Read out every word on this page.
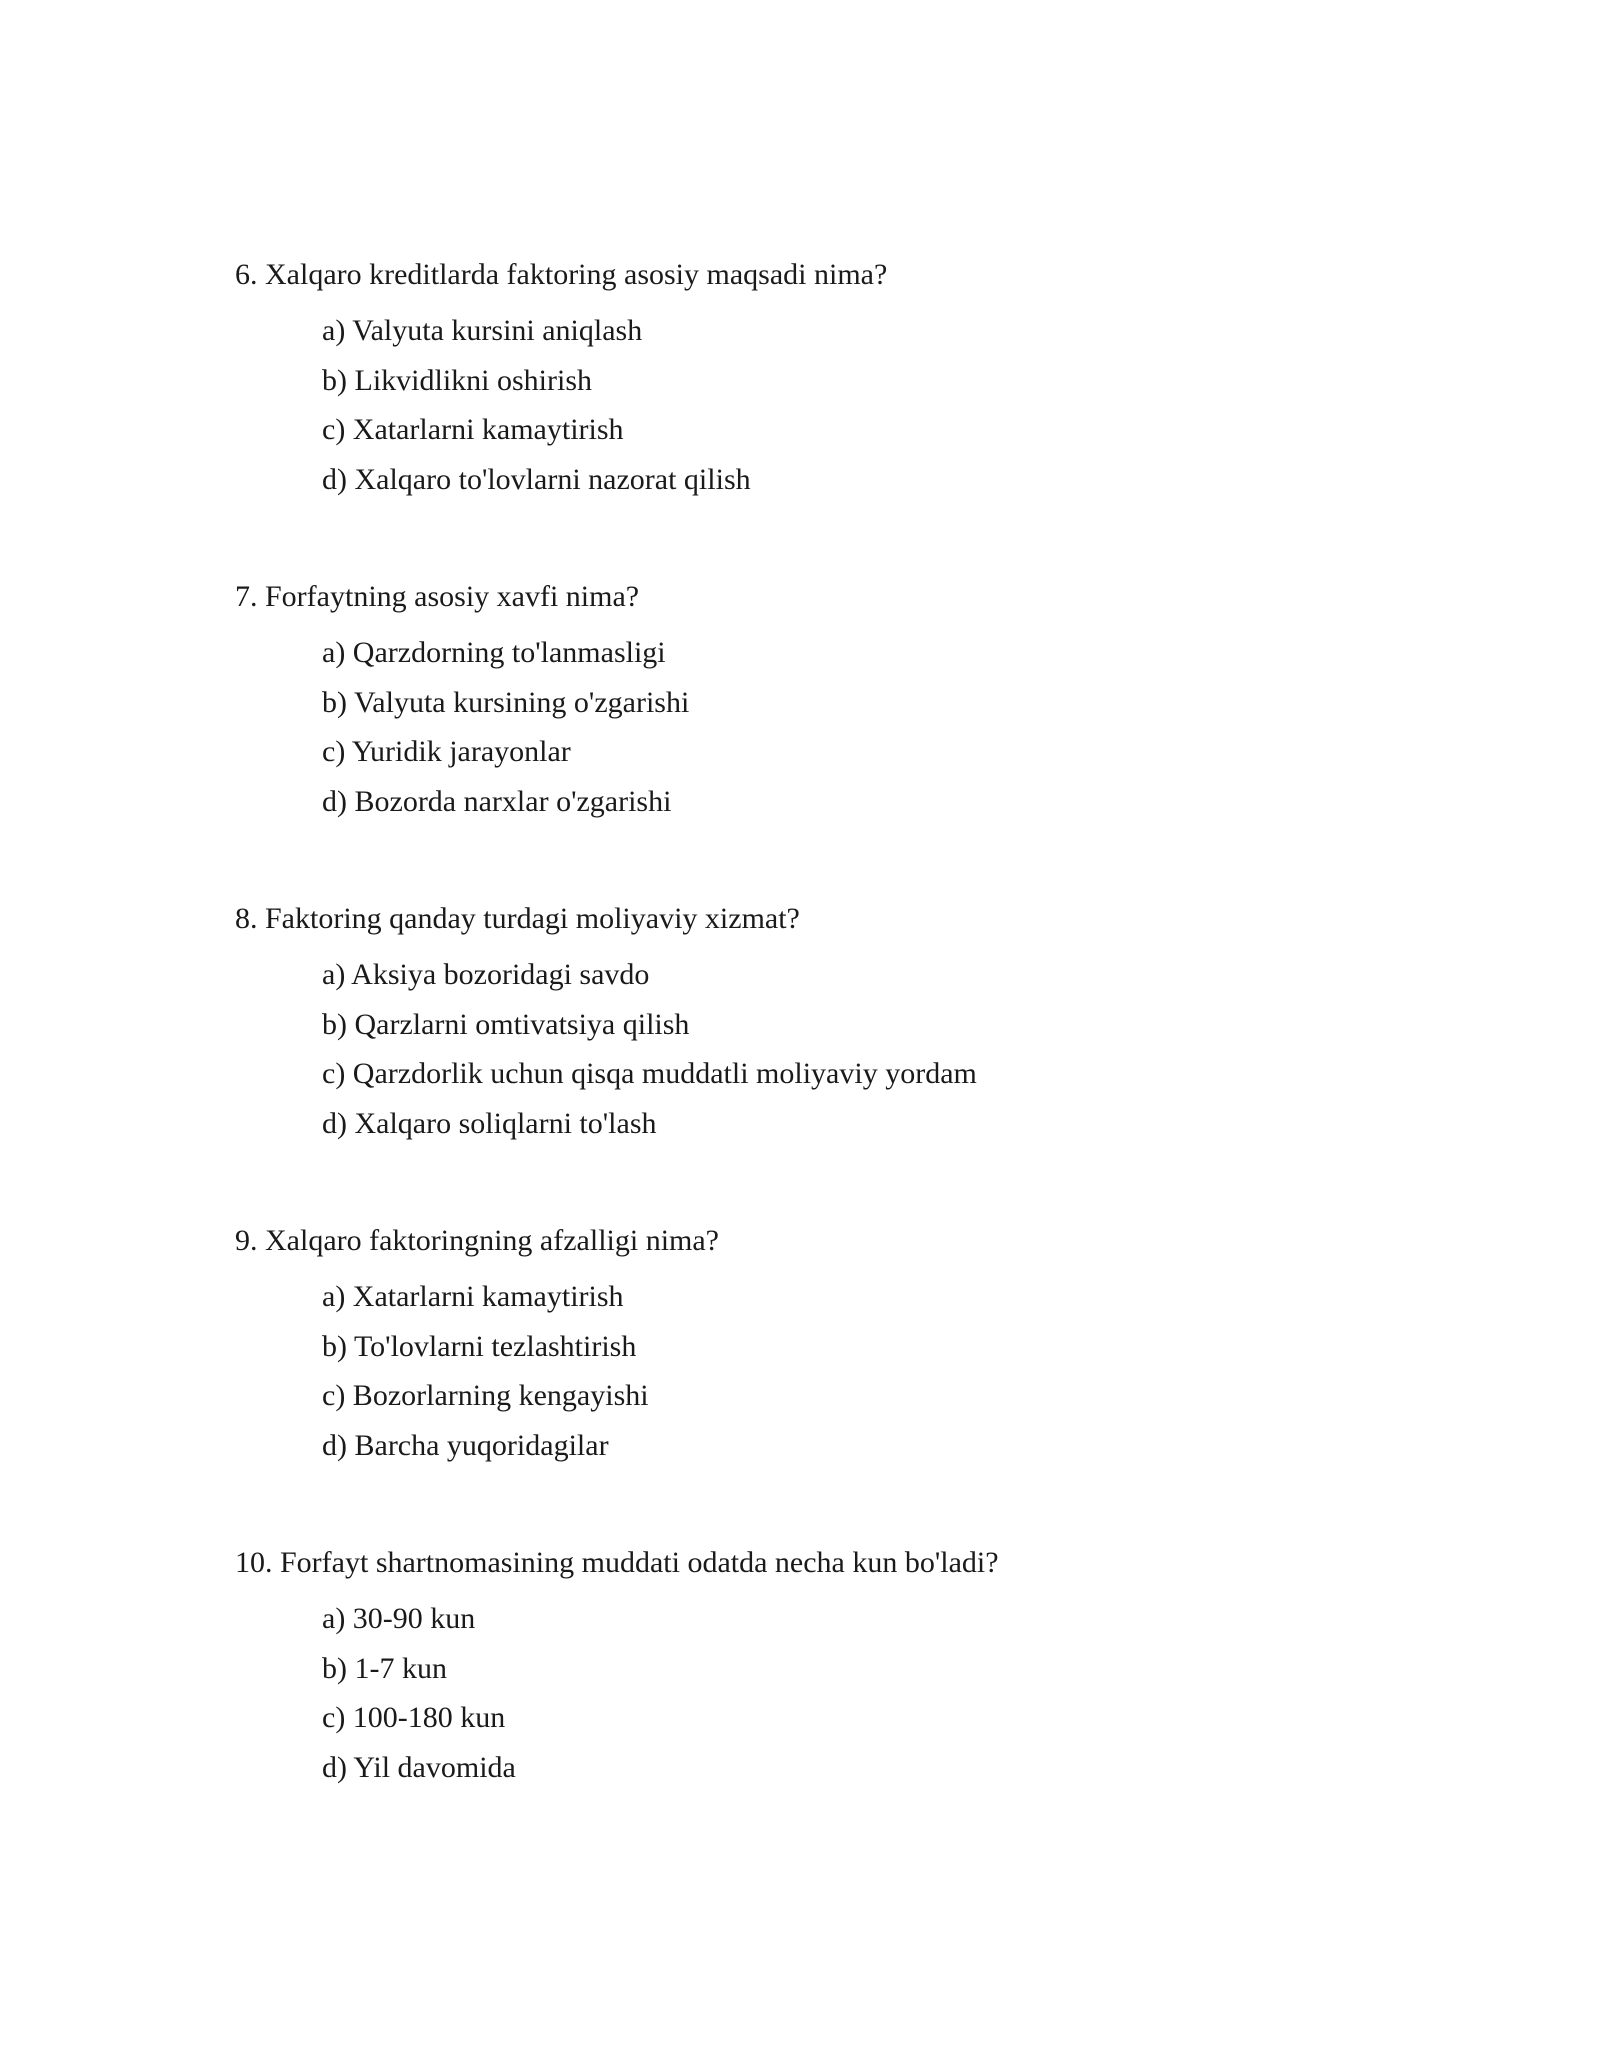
6. Xalqaro kreditlarda faktoring asosiy maqsadi nima?

a) Valyuta kursini aniqlash
b) Likvidlikni oshirish
c) Xatarlarni kamaytirish
d) Xalqaro to'lovlarni nazorat qilish

7. Forfaytning asosiy xavfi nima?

a) Qarzdorning to'lanmasligi
b) Valyuta kursining o'zgarishi
c) Yuridik jarayonlar
d) Bozorda narxlar o'zgarishi

8. Faktoring qanday turdagi moliyaviy xizmat?

a) Aksiya bozoridagi savdo
b) Qarzlarni omtivatsiya qilish
c) Qarzdorlik uchun qisqa muddatli moliyaviy yordam
d) Xalqaro soliqlarni to'lash

9. Xalqaro faktoringning afzalligi nima?

a) Xatarlarni kamaytirish
b) To'lovlarni tezlashtirish
c) Bozorlarning kengayishi
d) Barcha yuqoridagilar

10. Forfayt shartnomasining muddati odatda necha kun bo'ladi?

a) 30-90 kun
b) 1-7 kun
c) 100-180 kun
d) Yil davomida
